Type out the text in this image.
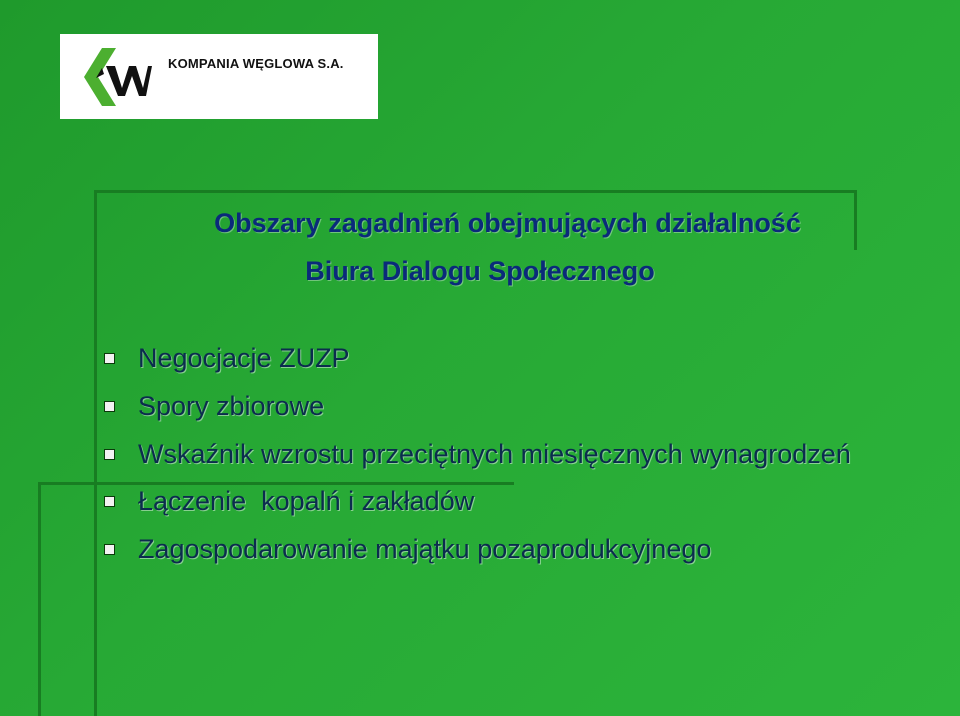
KOMPANIA WĘGLOWA S.A.
Obszary zagadnień obejmujących działalność
Biura Dialogu Społecznego
Negocjacje ZUZP
Spory zbiorowe
Wskaźnik wzrostu przeciętnych miesięcznych wynagrodzeń
Łączenie  kopalń i zakładów
Zagospodarowanie majątku pozaprodukcyjnego
